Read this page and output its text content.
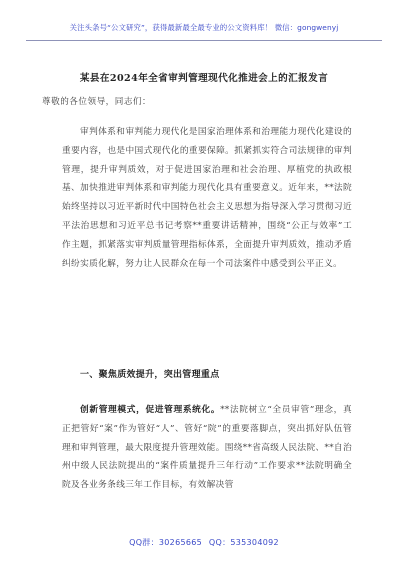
关注头条号“公文研究”，获得最新最全最专业的公文资料库！ 微信：gongwenyj
某县在2024年全省审判管理现代化推进会上的汇报发言
尊敬的各位领导，同志们：

审判体系和审判能力现代化是国家治理体系和治理能力现代化建设的重要内容，也是中国式现代化的重要保障。抓紧抓实符合司法规律的审判管理，提升审判质效，对于促进国家治理和社会治理、厚植党的执政根基、加快推进审判体系和审判能力现代化具有重要意义。近年来，**法院始终坚持以习近平新时代中国特色社会主义思想为指导深入学习贯彻习近平法治思想和习近平总书记考察**重要讲话精神，围绕“公正与效率”工作主题，抓紧落实审判质量管理指标体系，全面提升审判质效，推动矛盾纠纷实质化解，努力让人民群众在每一个司法案件中感受到公平正义。

一、聚焦质效提升，突出管理重点

创新管理模式，促进管理系统化。**法院树立“全员审管”理念，真正把管好“案”作为管好“人”、管好“院”的重要落脚点，突出抓好队伍管理和审判管理，最大限度提升管理效能。围绕**省高级人民法院、**自治州中级人民法院提出的“案件质量提升三年行动”工作要求**法院明确全院及各业务条线三年工作目标，有效解决管

QQ群：30265665 QQ：535304092
